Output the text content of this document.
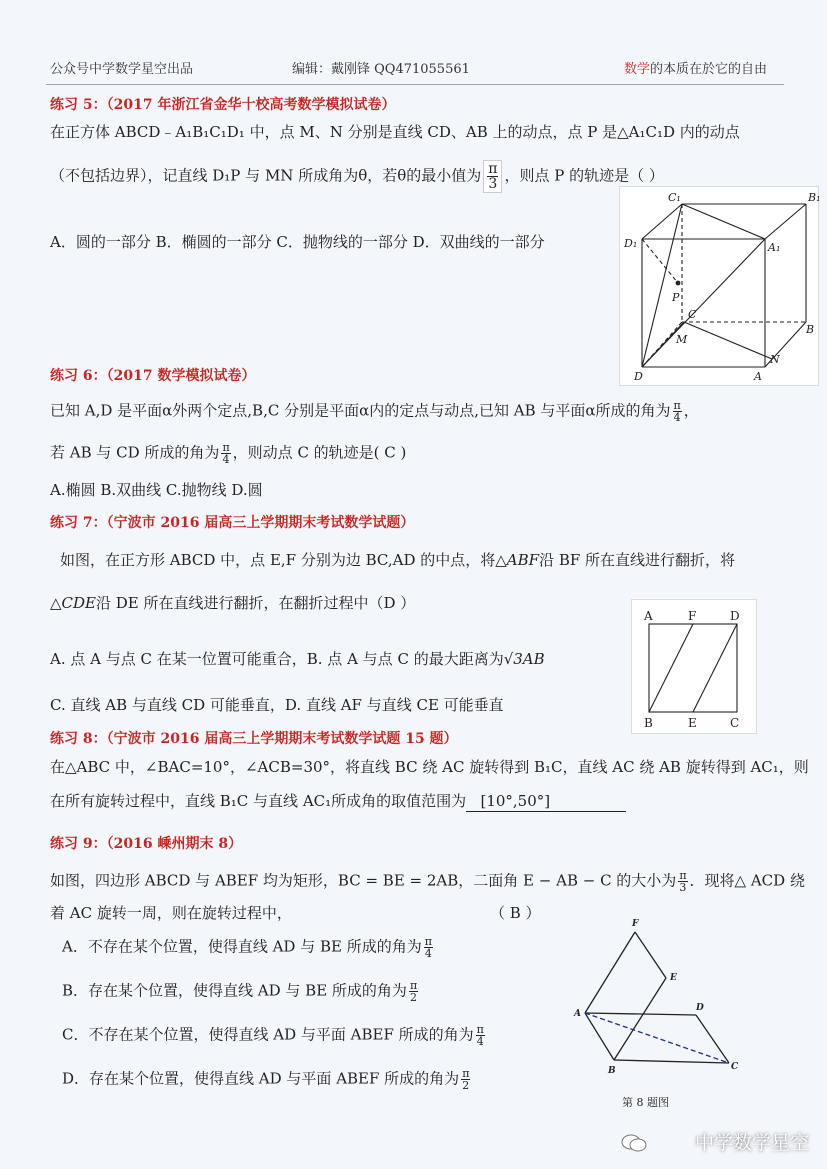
公众号中学数学星空出品	编辑：戴刚锋 QQ471055561	数学的本质在於它的自由
练习 5：（2017 年浙江省金华十校高考数学模拟试卷）
在正方体 ABCD﹣A₁B₁C₁D₁ 中，点 M、N 分别是直线 CD、AB 上的动点，点 P 是△A₁C₁D 内的动点
（不包括边界），记直线 D₁P 与 MN 所成角为θ，若θ的最小值为 $\frac{\pi}{3}$ ，则点 P 的轨迹是（ ）
A．圆的一部分 B．椭圆的一部分 C．抛物线的一部分 D．双曲线的一部分
C₁	B₁
D₁	A₁
P
C
M
B
N
D	A
练习 6：（2017 数学模拟试卷）
已知 A,D 是平面α外两个定点,B,C 分别是平面α内的定点与动点,已知 AB 与平面α所成的角为 $\frac{\pi}{4}$ ，
若 AB 与 CD 所成的角为 $\frac{\pi}{4}$ ，则动点 C 的轨迹是( C )
A.椭圆 B.双曲线 C.抛物线 D.圆
练习 7：（宁波市 2016 届高三上学期期末考试数学试题）
如图，在正方形 ABCD 中，点 E,F 分别为边 BC,AD 的中点，将△ABF沿 BF 所在直线进行翻折，将
△CDE沿 DE 所在直线进行翻折，在翻折过程中（D ）
A. 点 A 与点 C 在某一位置可能重合，B. 点 A 与点 C 的最大距离为√3AB
C. 直线 AB 与直线 CD 可能垂直，D. 直线 AF 与直线 CE 可能垂直
A	F	D
B	E	C
练习 8：（宁波市 2016 届高三上学期期末考试数学试题 15 题）
在△ABC 中，∠BAC=10°，∠ACB=30°，将直线 BC 绕 AC 旋转得到 B₁C，直线 AC 绕 AB 旋转得到 AC₁，则
在所有旋转过程中，直线 B₁C 与直线 AC₁所成角的取值范围为 [10°,50°]
练习 9：（2016 嵊州期末 8）
如图，四边形 ABCD 与 ABEF 均为矩形，BC = BE = 2AB，二面角 E − AB − C 的大小为 $\frac{\pi}{3}$ ．现将△ ACD 绕
着 AC 旋转一周，则在旋转过程中，	（ B ）
A．不存在某个位置，使得直线 AD 与 BE 所成的角为 $\frac{\pi}{4}$
B．存在某个位置，使得直线 AD 与 BE 所成的角为 $\frac{\pi}{2}$
C．不存在某个位置，使得直线 AD 与平面 ABEF 所成的角为 $\frac{\pi}{4}$
D．存在某个位置，使得直线 AD 与平面 ABEF 所成的角为 $\frac{\pi}{2}$
F
E
D
A
B	C
第 8 题图
中学数学星空
